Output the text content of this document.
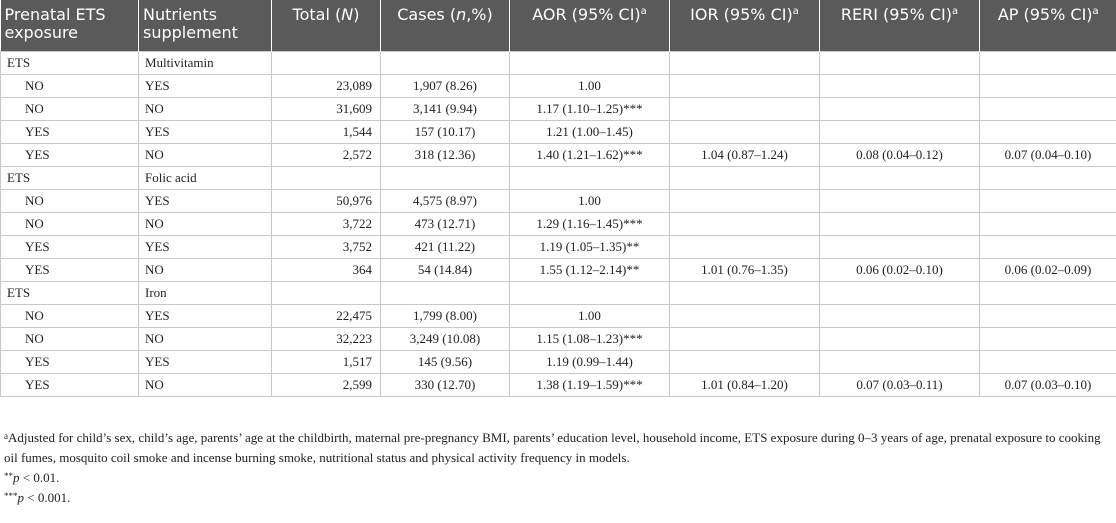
Prenatal ETS exposure	Nutrients supplement	Total (N)	Cases (n,%)	AOR (95% CI)$^a$	IOR (95% CI)$^a$	RERI (95% CI)$^a$	AP (95% CI)$^a$
ETS	Multivitamin						
NO	YES	23,089	1,907 (8.26)	1.00			
NO	NO	31,609	3,141 (9.94)	1.17 (1.10–1.25)***			
YES	YES	1,544	157 (10.17)	1.21 (1.00–1.45)			
YES	NO	2,572	318 (12.36)	1.40 (1.21–1.62)***	1.04 (0.87–1.24)	0.08 (0.04–0.12)	0.07 (0.04–0.10)
ETS	Folic acid						
NO	YES	50,976	4,575 (8.97)	1.00			
NO	NO	3,722	473 (12.71)	1.29 (1.16–1.45)***			
YES	YES	3,752	421 (11.22)	1.19 (1.05–1.35)**			
YES	NO	364	54 (14.84)	1.55 (1.12–2.14)**	1.01 (0.76–1.35)	0.06 (0.02–0.10)	0.06 (0.02–0.09)
ETS	Iron						
NO	YES	22,475	1,799 (8.00)	1.00			
NO	NO	32,223	3,249 (10.08)	1.15 (1.08–1.23)***			
YES	YES	1,517	145 (9.56)	1.19 (0.99–1.44)			
YES	NO	2,599	330 (12.70)	1.38 (1.19–1.59)***	1.01 (0.84–1.20)	0.07 (0.03–0.11)	0.07 (0.03–0.10)

$^a$Adjusted for child’s sex, child’s age, parents’ age at the childbirth, maternal pre-pregnancy BMI, parents’ education level, household income, ETS exposure during 0–3 years of age, prenatal exposure to cooking oil fumes, mosquito coil smoke and incense burning smoke, nutritional status and physical activity frequency in models.

**p < 0.01.

***p < 0.001.
